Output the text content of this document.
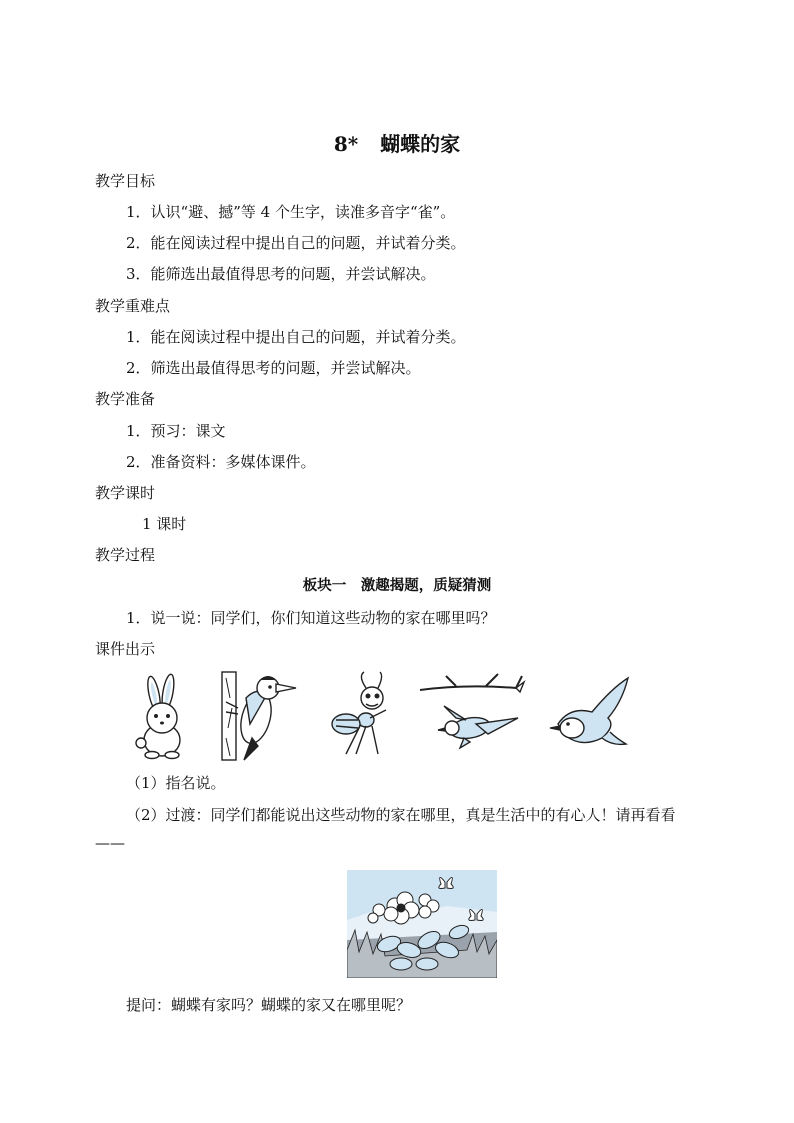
8* 蝴蝶的家
教学目标
1．认识“避、撼”等 4 个生字，读准多音字“雀”。
2．能在阅读过程中提出自己的问题，并试着分类。
3．能筛选出最值得思考的问题，并尝试解决。
教学重难点
1．能在阅读过程中提出自己的问题，并试着分类。
2．筛选出最值得思考的问题，并尝试解决。
教学准备
1．预习：课文
2．准备资料：多媒体课件。
教学课时
1 课时
教学过程
板块一　激趣揭题，质疑猜测
1．说一说：同学们，你们知道这些动物的家在哪里吗？
课件出示
（1）指名说。
（2）过渡：同学们都能说出这些动物的家在哪里，真是生活中的有心人！请再看看
——
提问：蝴蝶有家吗？蝴蝶的家又在哪里呢？
